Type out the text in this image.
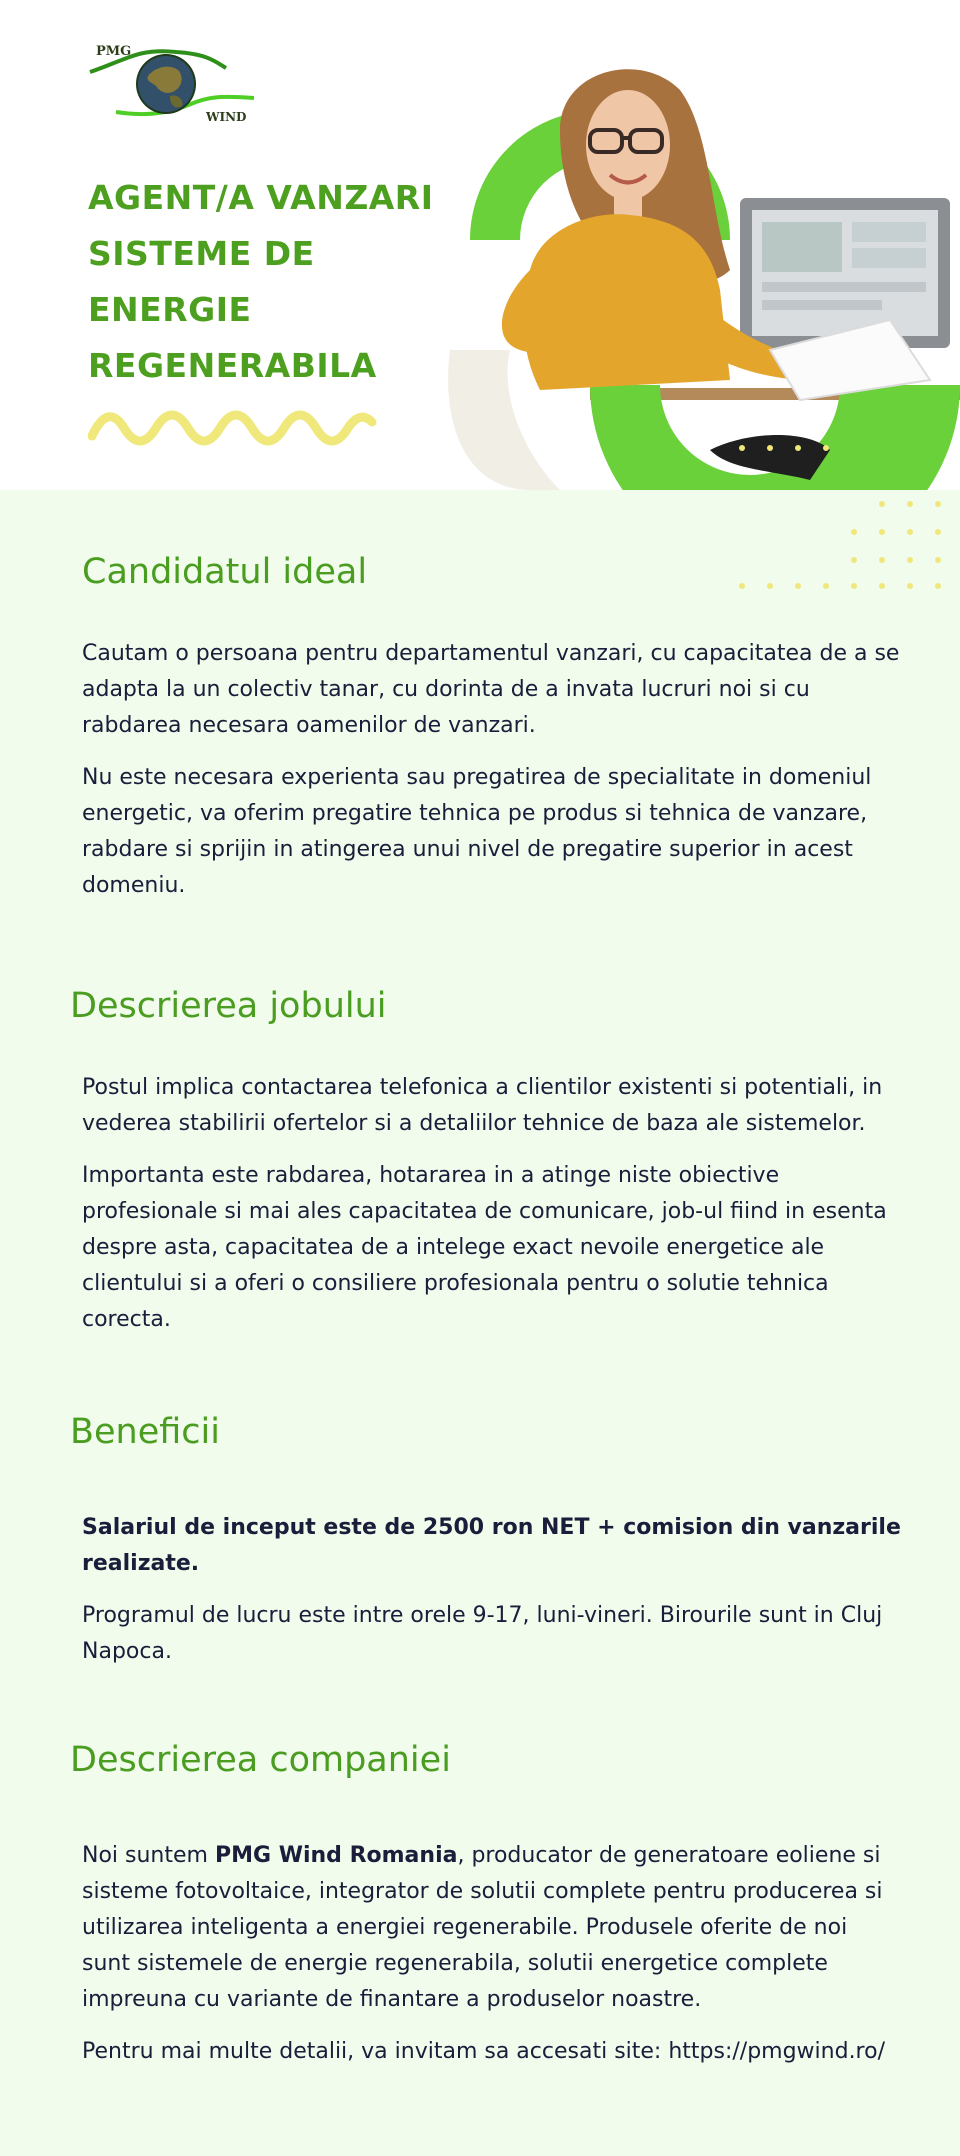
PMG
WIND
AGENT/A VANZARI
SISTEME DE
ENERGIE
REGENERABILA
Candidatul ideal

Cautam o persoana pentru departamentul vanzari, cu capacitatea de a se adapta la un colectiv tanar, cu dorinta de a invata lucruri noi si cu rabdarea necesara oamenilor de vanzari.

Nu este necesara experienta sau pregatirea de specialitate in domeniul energetic, va oferim pregatire tehnica pe produs si tehnica de vanzare, rabdare si sprijin in atingerea unui nivel de pregatire superior in acest domeniu.

Descrierea jobului

Postul implica contactarea telefonica a clientilor existenti si potentiali, in vederea stabilirii ofertelor si a detaliilor tehnice de baza ale sistemelor.

Importanta este rabdarea, hotararea in a atinge niste obiective profesionale si mai ales capacitatea de comunicare, job-ul fiind in esenta despre asta, capacitatea de a intelege exact nevoile energetice ale clientului si a oferi o consiliere profesionala pentru o solutie tehnica corecta.

Beneficii

Salariul de inceput este de 2500 ron NET + comision din vanzarile realizate.

Programul de lucru este intre orele 9-17, luni-vineri. Birourile sunt in Cluj Napoca.

Descrierea companiei

Noi suntem PMG Wind Romania, producator de generatoare eoliene si sisteme fotovoltaice, integrator de solutii complete pentru producerea si utilizarea inteligenta a energiei regenerabile. Produsele oferite de noi sunt sistemele de energie regenerabila, solutii energetice complete impreuna cu variante de finantare a produselor noastre.

Pentru mai multe detalii, va invitam sa accesati site: https://pmgwind.ro/
